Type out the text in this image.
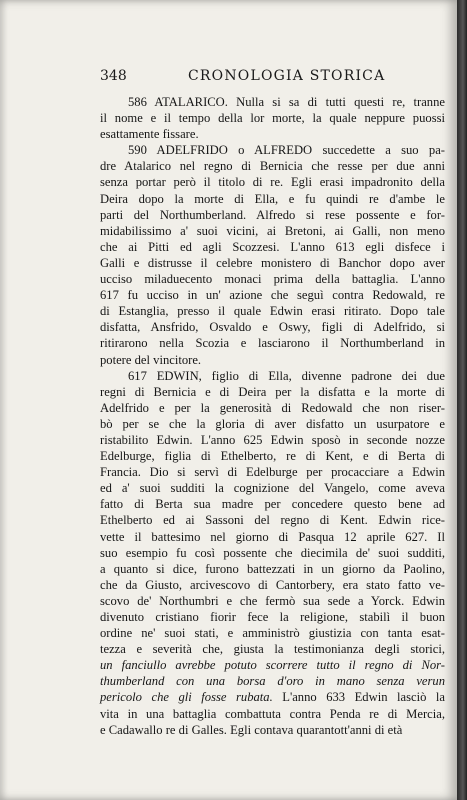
348	CRONOLOGIA STORICA
586 ATALARICO. Nulla si sa di tutti questi re, tranne
il nome e il tempo della lor morte, la quale neppure puossi
esattamente fissare.
590 ADELFRIDO o ALFREDO succedette a suo pa-
dre Atalarico nel regno di Bernicia che resse per due anni
senza portar però il titolo di re. Egli erasi impadronito della
Deira dopo la morte di Ella, e fu quindi re d'ambe le
parti del Northumberland. Alfredo si rese possente e for-
midabilissimo a' suoi vicini, ai Bretoni, ai Galli, non meno
che ai Pitti ed agli Scozzesi. L'anno 613 egli disfece i
Galli e distrusse il celebre monistero di Banchor dopo aver
ucciso miladuecento monaci prima della battaglia. L'anno
617 fu ucciso in un' azione che seguì contra Redowald, re
di Estanglia, presso il quale Edwin erasi ritirato. Dopo tale
disfatta, Ansfrido, Osvaldo e Oswy, figli di Adelfrido, si
ritirarono nella Scozia e lasciarono il Northumberland in
potere del vincitore.
617 EDWIN, figlio di Ella, divenne padrone dei due
regni di Bernicia e di Deira per la disfatta e la morte di
Adelfrido e per la generosità di Redowald che non riser-
bò per se che la gloria di aver disfatto un usurpatore e
ristabilito Edwin. L'anno 625 Edwin sposò in seconde nozze
Edelburge, figlia di Ethelberto, re di Kent, e di Berta di
Francia. Dio si servì di Edelburge per procacciare a Edwin
ed a' suoi sudditi la cognizione del Vangelo, come aveva
fatto di Berta sua madre per concedere questo bene ad
Ethelberto ed ai Sassoni del regno di Kent. Edwin rice-
vette il battesimo nel giorno di Pasqua 12 aprile 627. Il
suo esempio fu così possente che diecimila de' suoi sudditi,
a quanto si dice, furono battezzati in un giorno da Paolino,
che da Giusto, arcivescovo di Cantorbery, era stato fatto ve-
scovo de' Northumbri e che fermò sua sede a Yorck. Edwin
divenuto cristiano fiorir fece la religione, stabilì il buon
ordine ne' suoi stati, e amministrò giustizia con tanta esat-
tezza e severità che, giusta la testimonianza degli storici,
un fanciullo avrebbe potuto scorrere tutto il regno di Nor-
thumberland con una borsa d'oro in mano senza verun
pericolo che gli fosse rubata. L'anno 633 Edwin lasciò la
vita in una battaglia combattuta contra Penda re di Mercia,
e Cadawallo re di Galles. Egli contava quarantott'anni di età
